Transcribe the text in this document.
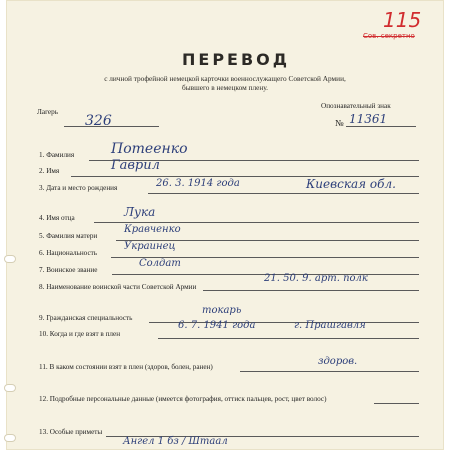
115
Сов. секретно
ПЕРЕВОД
с личной трофейной немецкой карточки военнослужащего Советской Армии,
бывшего в немецком плену.
Лагерь
326
Опознавательный знак
№ 11361
1. Фамилия	Потеенко
2. Имя	Гаврил
3. Дата и место рождения	26. 3. 1914 года	Киевская обл.
4. Имя отца	Лука
5. Фамилия матери
Кравченко
6. Национальность
Украинец
7. Воинское звание
Солдат
8. Наименование воинской части Советской Армии
21. 50. 9. арт. полк
9. Гражданская специальность
токарь
10. Когда и где взят в плен
6. 7. 1941 года	г. Прашгавля
11. В каком состоянии взят в плен (здоров, болен, ранен)	здоров.
12. Подробные персональные данные (имеется фотография, оттиск пальцев, рост, цвет волос)
13. Особые приметы
Ангел 1 бз / Штаал
